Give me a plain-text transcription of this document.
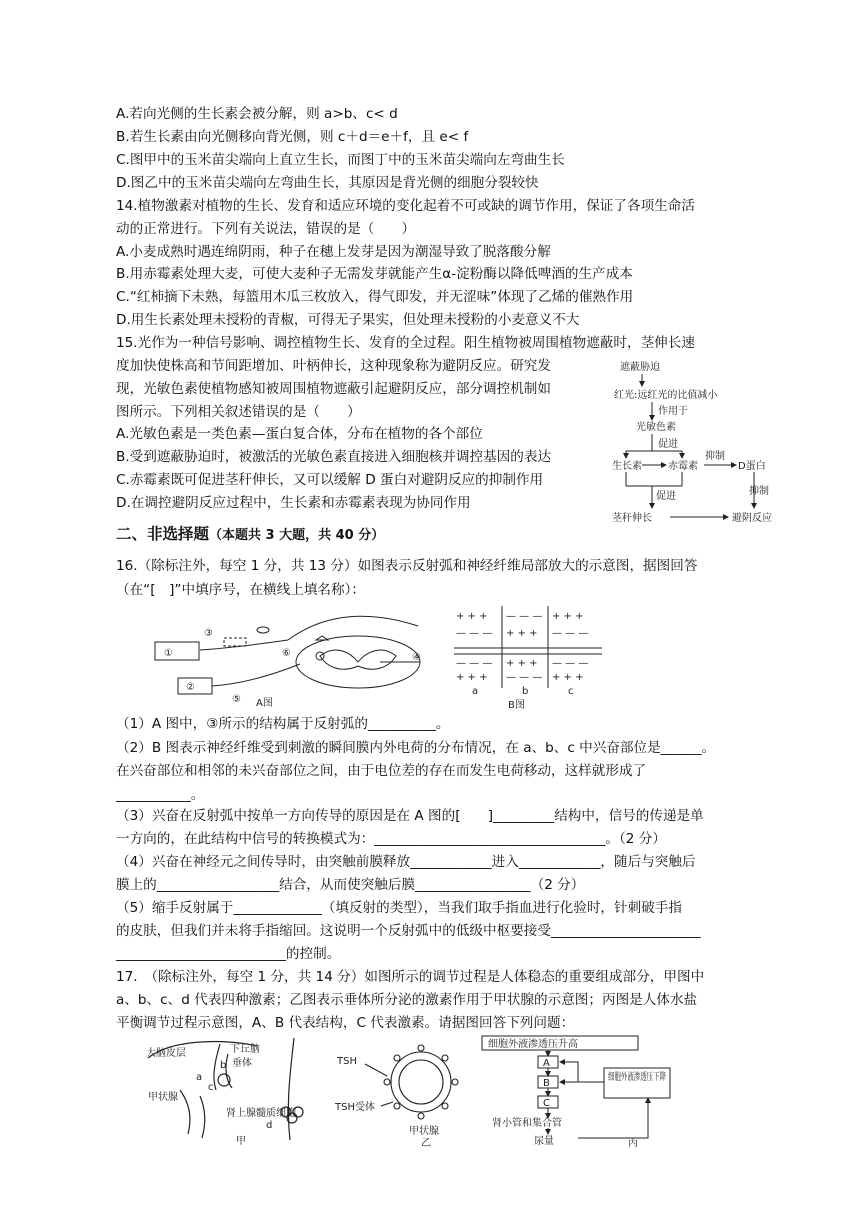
A.若向光侧的生长素会被分解，则 a>b、c< d
B.若生长素由向光侧移向背光侧，则 c＋d＝e＋f，且 e< f
C.图甲中的玉米苗尖端向上直立生长，而图丁中的玉米苗尖端向左弯曲生长
D.图乙中的玉米苗尖端向左弯曲生长，其原因是背光侧的细胞分裂较快
14.植物激素对植物的生长、发育和适应环境的变化起着不可或缺的调节作用，保证了各项生命活
动的正常进行。下列有关说法，错误的是（　　）
A.小麦成熟时遇连绵阴雨，种子在穗上发芽是因为潮湿导致了脱落酸分解
B.用赤霉素处理大麦，可使大麦种子无需发芽就能产生α-淀粉酶以降低啤酒的生产成本
C.“红柿摘下未熟，每篮用木瓜三枚放入，得气即发，并无涩味”体现了乙烯的催熟作用
D.用生长素处理未授粉的青椒，可得无子果实，但处理未授粉的小麦意义不大
15.光作为一种信号影响、调控植物生长、发育的全过程。阳生植物被周围植物遮蔽时，茎伸长速
度加快使株高和节间距增加、叶柄伸长，这种现象称为避阴反应。研究发
现，光敏色素使植物感知被周围植物遮蔽引起避阴反应，部分调控机制如
图所示。下列相关叙述错误的是（　　）
A.光敏色素是一类色素—蛋白复合体，分布在植物的各个部位
B.受到遮蔽胁迫时，被激活的光敏色素直接进入细胞核并调控基因的表达
C.赤霉素既可促进茎秆伸长，又可以缓解 D 蛋白对避阴反应的抑制作用
D.在调控避阴反应过程中，生长素和赤霉素表现为协同作用
遮蔽胁迫
红光:远红光的比值减小
作用于
光敏色素
促进
生长素	赤霉素
抑制
D蛋白
抑制
促进
茎秆伸长	避阴反应
二、非选择题（本题共 3 大题，共 40 分）
16.（除标注外，每空 1 分，共 13 分）如图表示反射弧和神经纤维局部放大的示意图，据图回答
（在“[　]”中填序号，在横线上填名称）：
①
②
③
④
⑤
⑥
A图
+ + + — — — + + +
— — — + + + — — —
— — — + + + — — —
+ + + — — — + + +
a	b	c
B图
（1）A 图中，③所示的结构属于反射弧的__________。
（2）B 图表示神经纤维受到刺激的瞬间膜内外电荷的分布情况，在 a、b、c 中兴奋部位是______。
在兴奋部位和相邻的未兴奋部位之间，由于电位差的存在而发生电荷移动，这样就形成了
___________。
（3）兴奋在反射弧中按单一方向传导的原因是在 A 图的[　　]_________结构中，信号的传递是单
一方向的，在此结构中信号的转换模式为：__________________________________。（2 分）
（4）兴奋在神经元之间传导时，由突触前膜释放____________进入____________，随后与突触后
膜上的__________________结合，从而使突触后膜_________________（2 分）
（5）缩手反射属于_____________（填反射的类型），当我们取手指血进行化验时，针刺破手指
的皮肤，但我们并未将手指缩回。这说明一个反射弧中的低级中枢要接受______________________
_________________________的控制。
17.　（除标注外，每空 1 分，共 14 分）如图所示的调节过程是人体稳态的重要组成部分，甲图中
a、b、c、d 代表四种激素；乙图表示垂体所分泌的激素作用于甲状腺的示意图；丙图是人体水盐
平衡调节过程示意图，A、B 代表结构，C 代表激素。请据图回答下列问题：
大脑皮层	下丘脑
垂体
甲状腺
肾上腺髓质细胞
a
b
c
d
甲
TSH
TSH受体
甲状腺
乙
细胞外液渗透压升高
A
B
C
细胞外液渗透压下降
肾小管和集合管
尿量	丙
